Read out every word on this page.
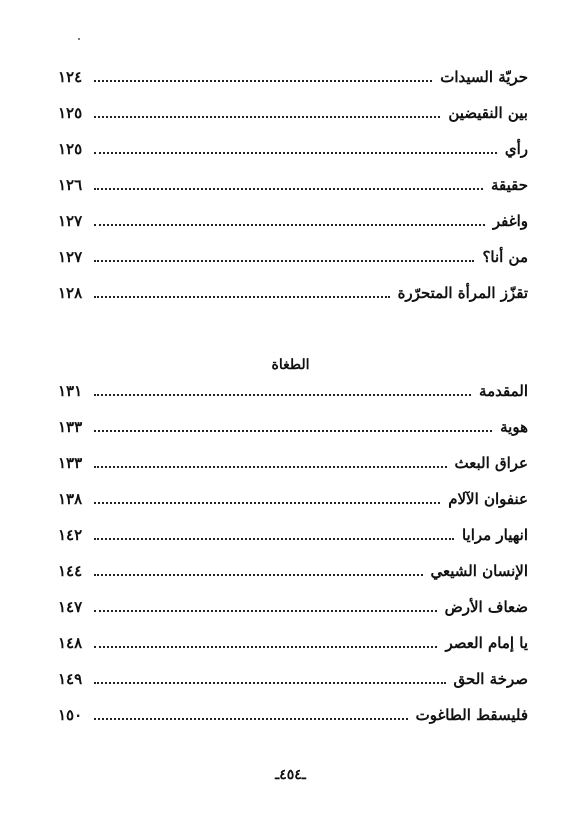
حريّة السيدات
١٢٤
بين النقيضين
١٢٥
رأي
١٢٥
حقيقة
١٢٦
واغفر
١٢٧
من أنا؟
١٢٧
تقزّز المرأة المتحرّرة
١٢٨
الطغاة
المقدمة
١٣١
هوية
١٣٣
عراق البعث
١٣٣
عنفوان الآلام
١٣٨
انهيار مرايا
١٤٢
الإنسان الشيعي
١٤٤
ضعاف الأرض
١٤٧
يا إمام العصر
١٤٨
صرخة الحق
١٤٩
فليسقط الطاغوت
١٥٠
ـ٤٥٤ـ
